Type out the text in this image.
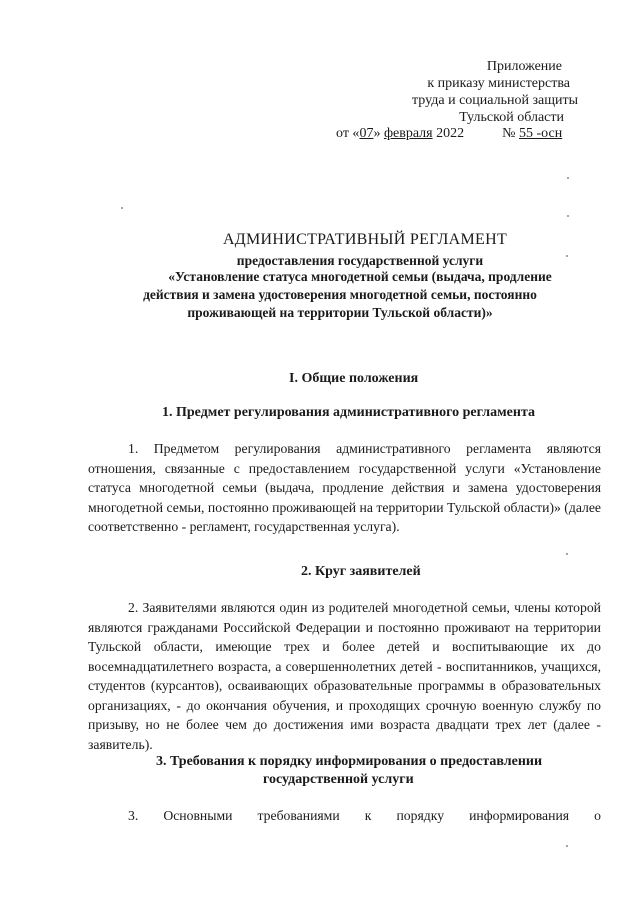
Приложение
к приказу министерства
труда и социальной защиты
Тульской области
от «07» февраля 2022	№ 55 -осн
АДМИНИСТРАТИВНЫЙ РЕГЛАМЕНТ
предоставления государственной услуги
«Установление статуса многодетной семьи (выдача, продление
действия и замена удостоверения многодетной семьи, постоянно
проживающей на территории Тульской области)»
I. Общие положения
1. Предмет регулирования административного регламента
1. Предметом регулирования административного регламента являются отношения, связанные с предоставлением государственной услуги «Установление статуса многодетной семьи (выдача, продление действия и замена удостоверения многодетной семьи, постоянно проживающей на территории Тульской области)» (далее соответственно - регламент, государственная услуга).
2. Круг заявителей
2. Заявителями являются один из родителей многодетной семьи, члены которой являются гражданами Российской Федерации и постоянно проживают на территории Тульской области, имеющие трех и более детей и воспитывающие их до восемнадцатилетнего возраста, а совершеннолетних детей - воспитанников, учащихся, студентов (курсантов), осваивающих образовательные программы в образовательных организациях, - до окончания обучения, и проходящих срочную военную службу по призыву, но не более чем до достижения ими возраста двадцати трех лет (далее - заявитель).
3. Требования к порядку информирования о предоставлении
государственной услуги
3. Основными требованиями к порядку информирования о
